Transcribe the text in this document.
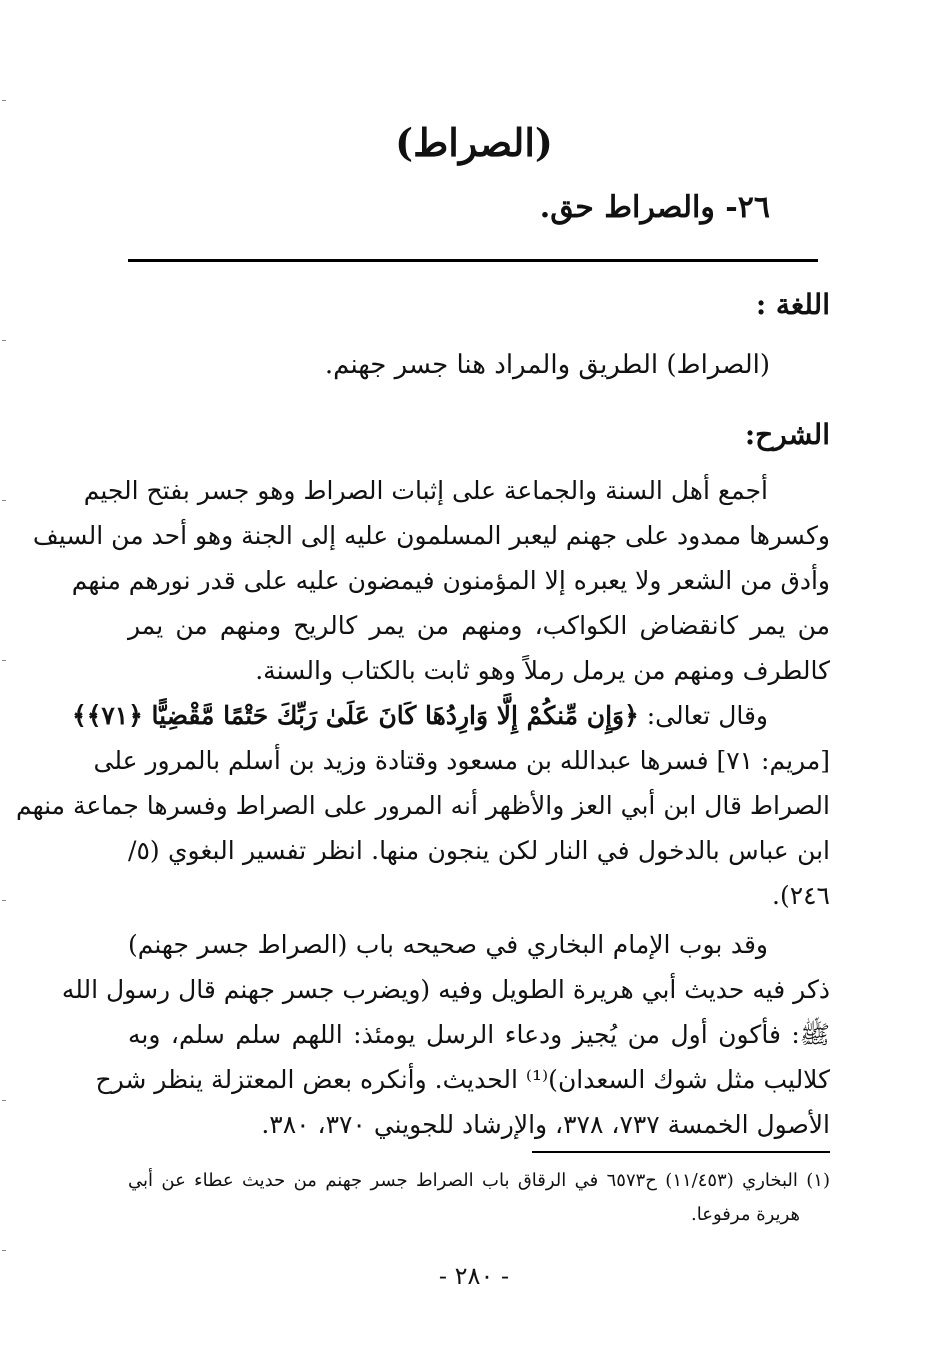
(الصراط)

٢٦- والصراط حق.

اللغة :

(الصراط) الطريق والمراد هنا جسر جهنم.

الشرح:
أجمع أهل السنة والجماعة على إثبات الصراط وهو جسر بفتح الجيم
وكسرها ممدود على جهنم ليعبر المسلمون عليه إلى الجنة وهو أحد من السيف
وأدق من الشعر ولا يعبره إلا المؤمنون فيمضون عليه على قدر نورهم منهم
من يمر كانقضاض الكواكب، ومنهم من يمر كالريح ومنهم من يمر
كالطرف ومنهم من يرمل رملاً وهو ثابت بالكتاب والسنة.
وقال تعالى: ﴿وَإِن مِّنكُمْ إِلَّا وَارِدُهَا كَانَ عَلَىٰ رَبِّكَ حَتْمًا مَّقْضِيًّا ﴿٧١﴾﴾
[مريم: ٧١] فسرها عبدالله بن مسعود وقتادة وزيد بن أسلم بالمرور على
الصراط قال ابن أبي العز والأظهر أنه المرور على الصراط وفسرها جماعة منهم
ابن عباس بالدخول في النار لكن ينجون منها. انظر تفسير البغوي (٥/
٢٤٦).
وقد بوب الإمام البخاري في صحيحه باب (الصراط جسر جهنم)
ذكر فيه حديث أبي هريرة الطويل وفيه (ويضرب جسر جهنم قال رسول الله
ﷺ: فأكون أول من يُجيز ودعاء الرسل يومئذ: اللهم سلم سلم، وبه
كلاليب مثل شوك السعدان)⁽¹⁾ الحديث. وأنكره بعض المعتزلة ينظر شرح
الأصول الخمسة ٧٣٧، ٣٧٨، والإرشاد للجويني ٣٧٠، ٣٨٠.
(١) البخاري (١١/٤٥٣) ح٦٥٧٣ في الرقاق باب الصراط جسر جهنم من حديث عطاء عن أبي
هريرة مرفوعا.

- ٢٨٠ -
